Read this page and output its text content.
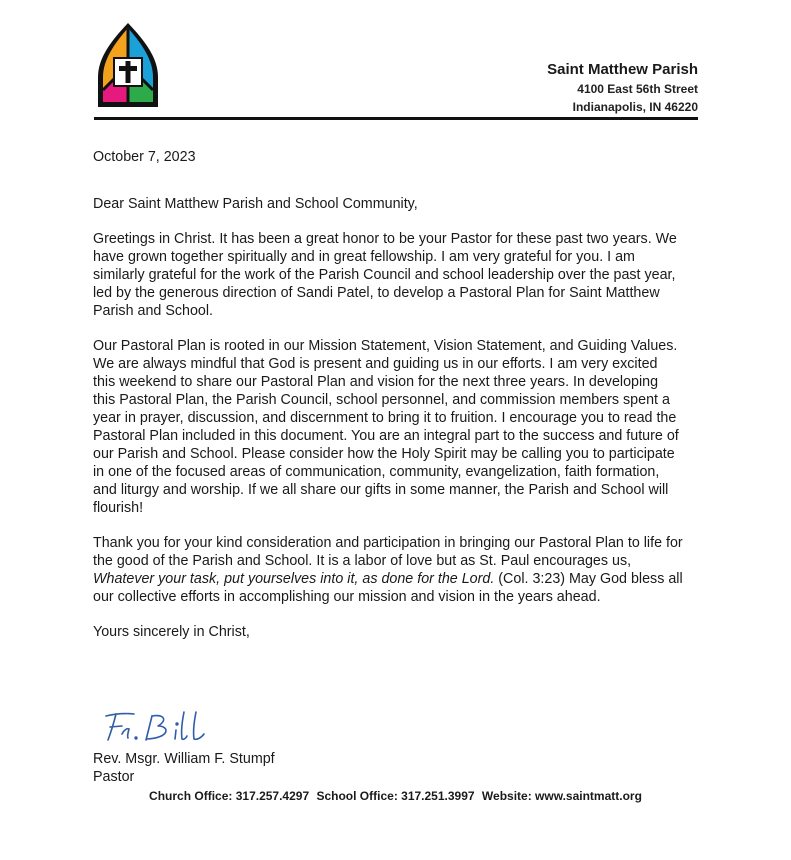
Saint Matthew Parish
4100 East 56th Street
Indianapolis, IN 46220

October 7, 2023

Dear Saint Matthew Parish and School Community,

Greetings in Christ. It has been a great honor to be your Pastor for these past two years. We have grown together spiritually and in great fellowship. I am very grateful for you. I am similarly grateful for the work of the Parish Council and school leadership over the past year, led by the generous direction of Sandi Patel, to develop a Pastoral Plan for Saint Matthew Parish and School.

Our Pastoral Plan is rooted in our Mission Statement, Vision Statement, and Guiding Values. We are always mindful that God is present and guiding us in our efforts. I am very excited this weekend to share our Pastoral Plan and vision for the next three years. In developing this Pastoral Plan, the Parish Council, school personnel, and commission members spent a year in prayer, discussion, and discernment to bring it to fruition. I encourage you to read the Pastoral Plan included in this document. You are an integral part to the success and future of our Parish and School. Please consider how the Holy Spirit may be calling you to participate in one of the focused areas of communication, community, evangelization, faith formation, and liturgy and worship. If we all share our gifts in some manner, the Parish and School will flourish!

Thank you for your kind consideration and participation in bringing our Pastoral Plan to life for the good of the Parish and School. It is a labor of love but as St. Paul encourages us, Whatever your task, put yourselves into it, as done for the Lord. (Col. 3:23) May God bless all our collective efforts in accomplishing our mission and vision in the years ahead.

Yours sincerely in Christ,

Rev. Msgr. William F. Stumpf
Pastor
Church Office: 317.257.4297 School Office: 317.251.3997 Website: www.saintmatt.org
